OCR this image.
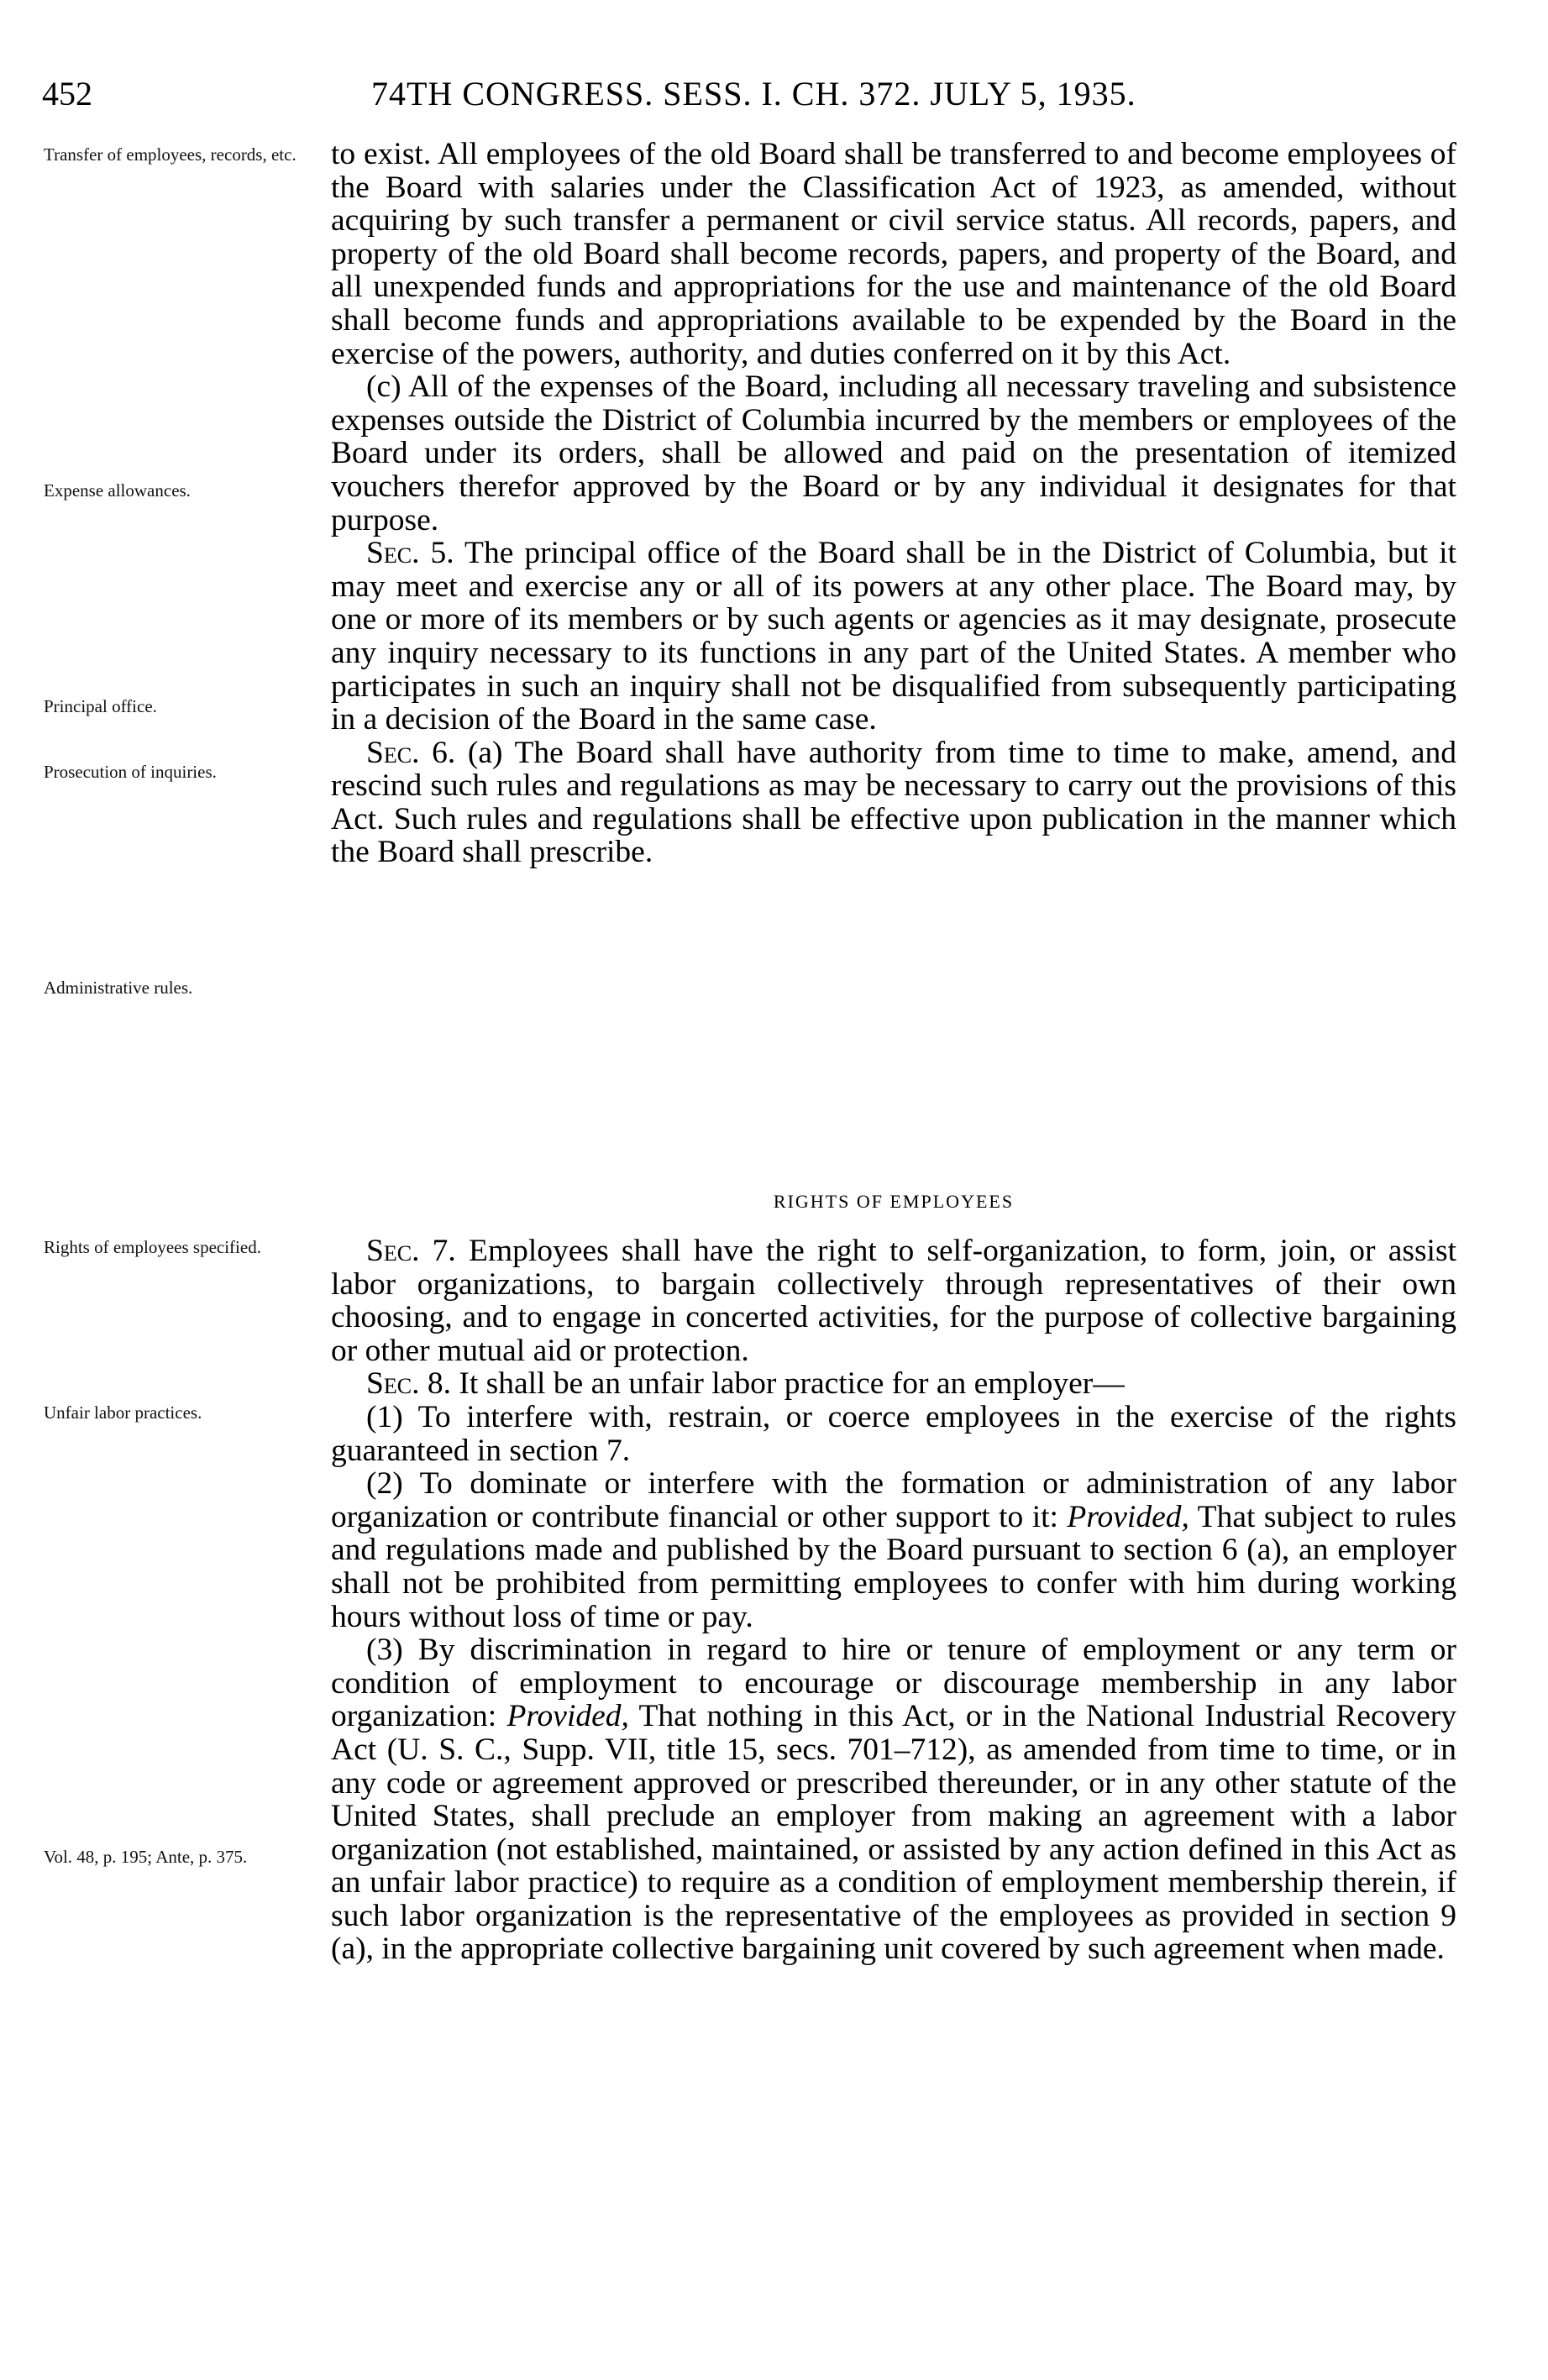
452	74TH CONGRESS. SESS. I. CH. 372. JULY 5, 1935.
Transfer of employees, records, etc.
Expense allowances.
Principal office.
Prosecution of inquiries.
Administrative rules.
Rights of employees specified.
Unfair labor practices.
Vol. 48, p. 195; Ante, p. 375.

to exist. All employees of the old Board shall be transferred to and become employees of the Board with salaries under the Classification Act of 1923, as amended, without acquiring by such transfer a permanent or civil service status. All records, papers, and property of the old Board shall become records, papers, and property of the Board, and all unexpended funds and appropriations for the use and maintenance of the old Board shall become funds and appropriations available to be expended by the Board in the exercise of the powers, authority, and duties conferred on it by this Act.

(c) All of the expenses of the Board, including all necessary traveling and subsistence expenses outside the District of Columbia incurred by the members or employees of the Board under its orders, shall be allowed and paid on the presentation of itemized vouchers therefor approved by the Board or by any individual it designates for that purpose.

Sec. 5. The principal office of the Board shall be in the District of Columbia, but it may meet and exercise any or all of its powers at any other place. The Board may, by one or more of its members or by such agents or agencies as it may designate, prosecute any inquiry necessary to its functions in any part of the United States. A member who participates in such an inquiry shall not be disqualified from subsequently participating in a decision of the Board in the same case.

Sec. 6. (a) The Board shall have authority from time to time to make, amend, and rescind such rules and regulations as may be necessary to carry out the provisions of this Act. Such rules and regulations shall be effective upon publication in the manner which the Board shall prescribe.

RIGHTS OF EMPLOYEES

Sec. 7. Employees shall have the right to self-organization, to form, join, or assist labor organizations, to bargain collectively through representatives of their own choosing, and to engage in concerted activities, for the purpose of collective bargaining or other mutual aid or protection.

Sec. 8. It shall be an unfair labor practice for an employer—

(1) To interfere with, restrain, or coerce employees in the exercise of the rights guaranteed in section 7.

(2) To dominate or interfere with the formation or administration of any labor organization or contribute financial or other support to it: Provided, That subject to rules and regulations made and published by the Board pursuant to section 6 (a), an employer shall not be prohibited from permitting employees to confer with him during working hours without loss of time or pay.

(3) By discrimination in regard to hire or tenure of employment or any term or condition of employment to encourage or discourage membership in any labor organization: Provided, That nothing in this Act, or in the National Industrial Recovery Act (U. S. C., Supp. VII, title 15, secs. 701–712), as amended from time to time, or in any code or agreement approved or prescribed thereunder, or in any other statute of the United States, shall preclude an employer from making an agreement with a labor organization (not established, maintained, or assisted by any action defined in this Act as an unfair labor practice) to require as a condition of employment membership therein, if such labor organization is the representative of the employees as provided in section 9 (a), in the appropriate collective bargaining unit covered by such agreement when made.
